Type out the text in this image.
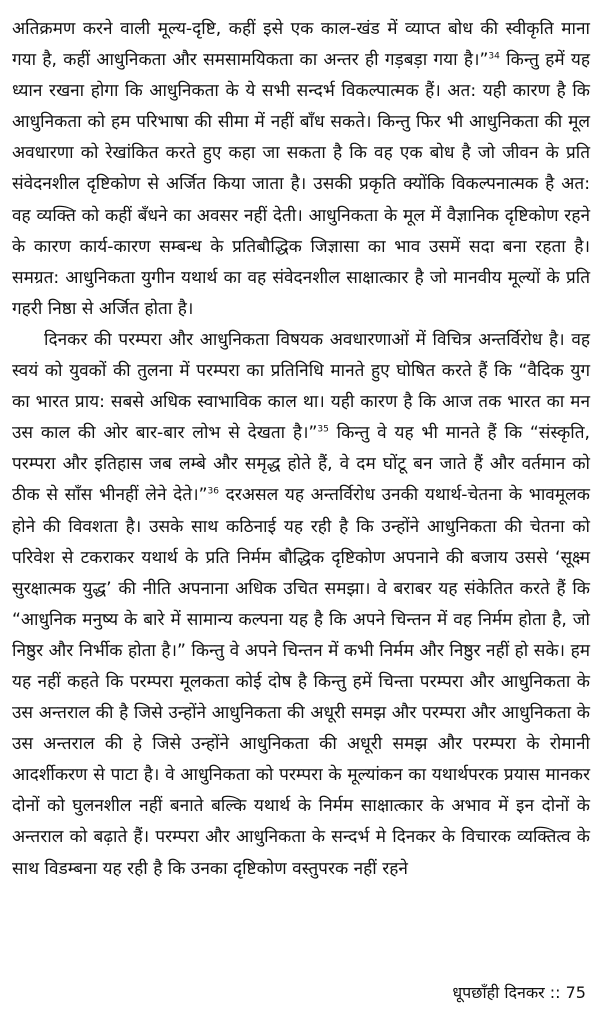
अतिक्रमण करने वाली मूल्य-दृष्टि, कहीं इसे एक काल-खंड में व्याप्त बोध की स्वीकृति माना गया है, कहीं आधुनिकता और समसामयिकता का अन्तर ही गड़बड़ा गया है।”$^{34}$ किन्तु हमें यह ध्यान रखना होगा कि आधुनिकता के ये सभी सन्दर्भ विकल्पात्मक हैं। अत: यही कारण है कि आधुनिकता को हम परिभाषा की सीमा में नहीं बाँध सकते। किन्तु फिर भी आधुनिकता की मूल अवधारणा को रेखांकित करते हुए कहा जा सकता है कि वह एक बोध है जो जीवन के प्रति संवेदनशील दृष्टिकोण से अर्जित किया जाता है। उसकी प्रकृति क्योंकि विकल्पनात्मक है अत: वह व्यक्ति को कहीं बँधने का अवसर नहीं देती। आधुनिकता के मूल में वैज्ञानिक दृष्टिकोण रहने के कारण कार्य-कारण सम्बन्ध के प्रतिबौद्धिक जिज्ञासा का भाव उसमें सदा बना रहता है। समग्रत: आधुनिकता युगीन यथार्थ का वह संवेदनशील साक्षात्कार है जो मानवीय मूल्यों के प्रति गहरी निष्ठा से अर्जित होता है।

दिनकर की परम्परा और आधुनिकता विषयक अवधारणाओं में विचित्र अन्तर्विरोध है। वह स्वयं को युवकों की तुलना में परम्परा का प्रतिनिधि मानते हुए घोषित करते हैं कि “वैदिक युग का भारत प्राय: सबसे अधिक स्वाभाविक काल था। यही कारण है कि आज तक भारत का मन उस काल की ओर बार-बार लोभ से देखता है।”$^{35}$ किन्तु वे यह भी मानते हैं कि “संस्कृति, परम्परा और इतिहास जब लम्बे और समृद्ध होते हैं, वे दम घोंटू बन जाते हैं और वर्तमान को ठीक से साँस भीनहीं लेने देते।”$^{36}$ दरअसल यह अन्तर्विरोध उनकी यथार्थ-चेतना के भावमूलक होने की विवशता है। उसके साथ कठिनाई यह रही है कि उन्होंने आधुनिकता की चेतना को परिवेश से टकराकर यथार्थ के प्रति निर्मम बौद्धिक दृष्टिकोण अपनाने की बजाय उससे ‘सूक्ष्म सुरक्षात्मक युद्ध’ की नीति अपनाना अधिक उचित समझा। वे बराबर यह संकेतित करते हैं कि “आधुनिक मनुष्य के बारे में सामान्य कल्पना यह है कि अपने चिन्तन में वह निर्मम होता है, जो निष्ठुर और निर्भीक होता है।” किन्तु वे अपने चिन्तन में कभी निर्मम और निष्ठुर नहीं हो सके। हम यह नहीं कहते कि परम्परा मूलकता कोई दोष है किन्तु हमें चिन्ता परम्परा और आधुनिकता के उस अन्तराल की है जिसे उन्होंने आधुनिकता की अधूरी समझ और परम्परा और आधुनिकता के उस अन्तराल की हे जिसे उन्होंने आधुनिकता की अधूरी समझ और परम्परा के रोमानी आदर्शीकरण से पाटा है। वे आधुनिकता को परम्परा के मूल्यांकन का यथार्थपरक प्रयास मानकर दोनों को घुलनशील नहीं बनाते बल्कि यथार्थ के निर्मम साक्षात्कार के अभाव में इन दोनों के अन्तराल को बढ़ाते हैं। परम्परा और आधुनिकता के सन्दर्भ मे दिनकर के विचारक व्यक्तित्व के साथ विडम्बना यह रही है कि उनका दृष्टिकोण वस्तुपरक नहीं रहने

धूपछाँही दिनकर :: 75
